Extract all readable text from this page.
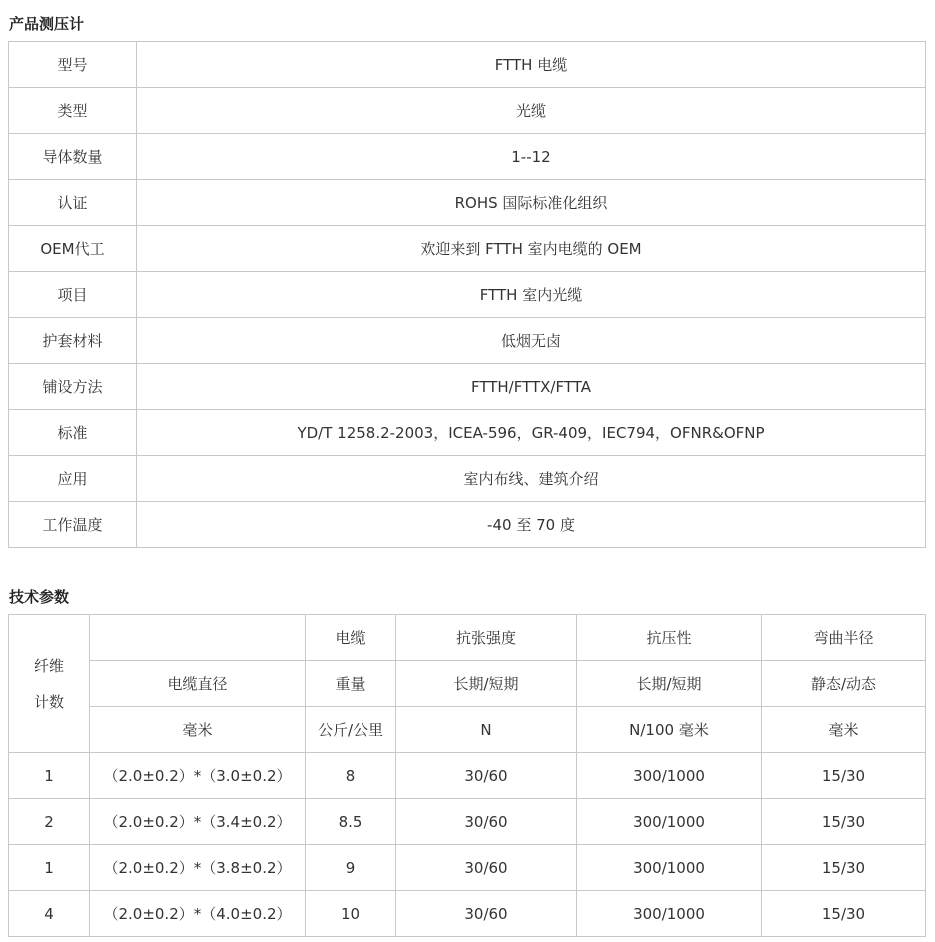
产品测压计
型号	FTTH 电缆
类型	光缆
导体数量	1--12
认证	ROHS 国际标准化组织
OEM代工	欢迎来到 FTTH 室内电缆的 OEM
项目	FTTH 室内光缆
护套材料	低烟无卤
铺设方法	FTTH/FTTX/FTTA
标准	YD/T 1258.2-2003，ICEA-596，GR-409，IEC794，OFNR&OFNP
应用	室内布线、建筑介绍
工作温度	-40 至 70 度
技术参数
纤维
计数		电缆	抗张强度	抗压性	弯曲半径
	电缆直径	重量	长期/短期	长期/短期	静态/动态
	毫米	公斤/公里	N	N/100 毫米	毫米
1	（2.0±0.2）*（3.0±0.2）	8	30/60	300/1000	15/30
2	（2.0±0.2）*（3.4±0.2）	8.5	30/60	300/1000	15/30
1	（2.0±0.2）*（3.8±0.2）	9	30/60	300/1000	15/30
4	（2.0±0.2）*（4.0±0.2）	10	30/60	300/1000	15/30
